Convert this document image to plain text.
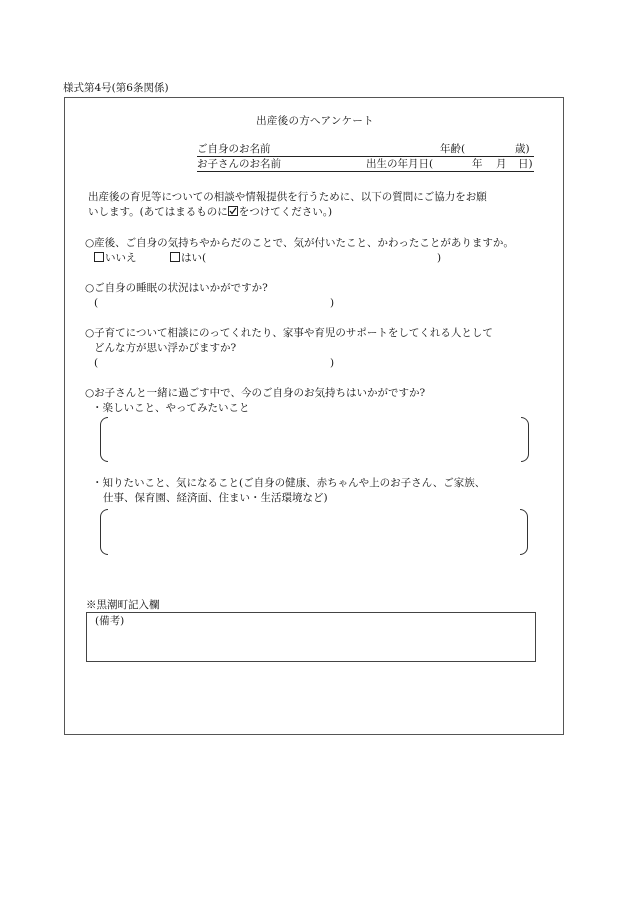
様式第4号(第6条関係)
出産後の方へアンケート
ご自身のお名前	年齢(	歳)
お子さんのお名前	出生の年月日(	年 月 日)
出産後の育児等についての相談や情報提供を行うために、以下の質問にご協力をお願
いします。(あてはまるものに をつけてください。)
○産後、ご自身の気持ちやからだのことで、気が付いたこと、かわったことがありますか。
いいえ	はい(	)
○ご自身の睡眠の状況はいかがですか?
(	)
○子育てについて相談にのってくれたり、家事や育児のサポートをしてくれる人として
どんな方が思い浮かびますか?
(	)
○お子さんと一緒に過ごす中で、今のご自身のお気持ちはいかがですか?
・楽しいこと、やってみたいこと
・知りたいこと、気になること(ご自身の健康、赤ちゃんや上のお子さん、ご家族、
仕事、保育園、経済面、住まい・生活環境など)
※黒潮町記入欄
(備考)
